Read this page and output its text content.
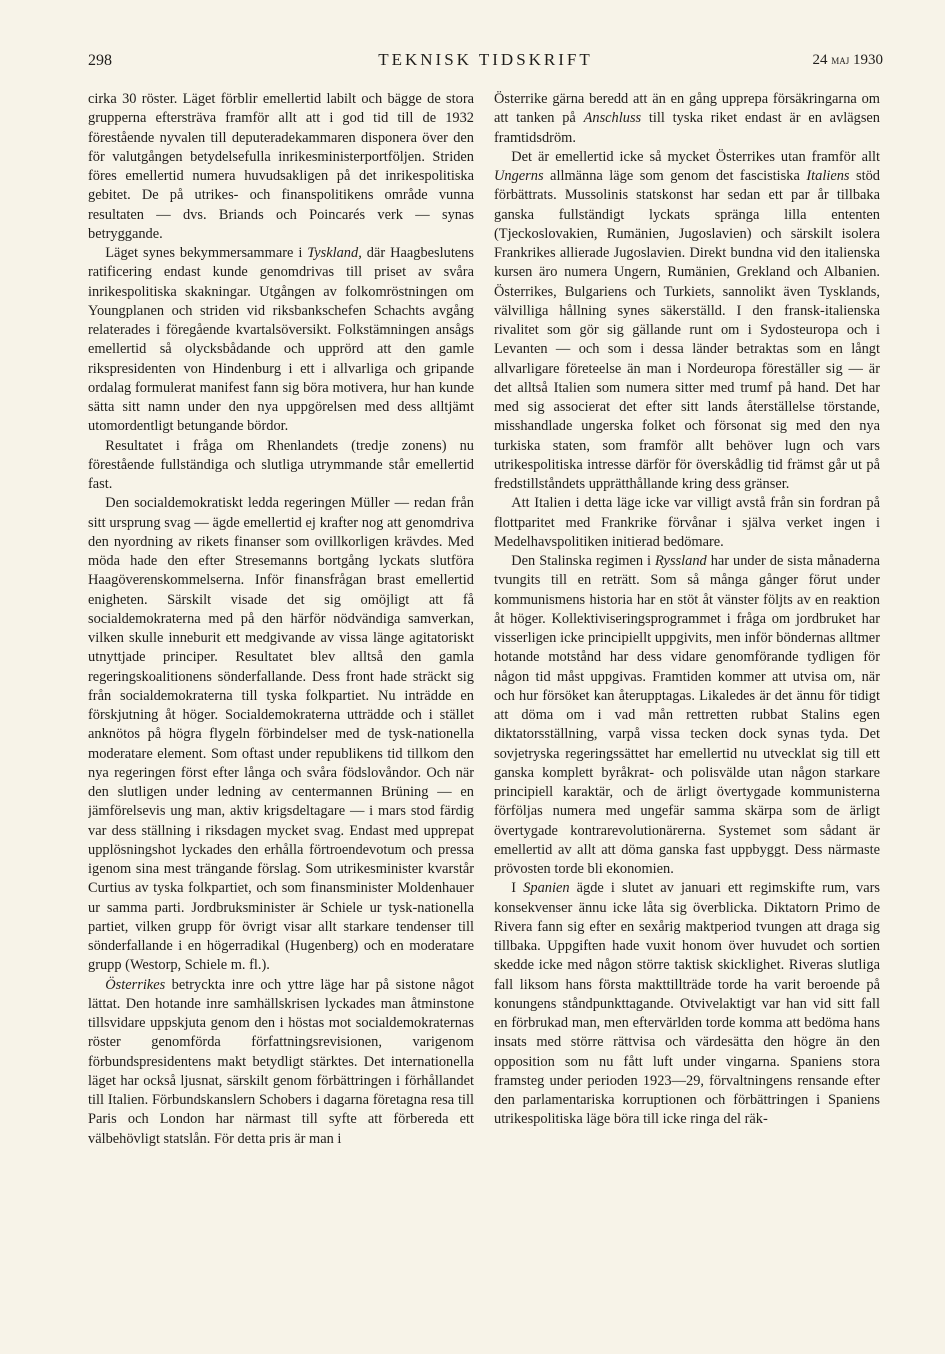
298	TEKNISK TIDSKRIFT	24 maj 1930

cirka 30 röster. Läget förblir emellertid labilt och bägge de stora grupperna eftersträva framför allt att i god tid till de 1932 förestående nyvalen till deputeradekammaren disponera över den för valutgången betydelsefulla inrikesministerportföljen. Striden föres emellertid numera huvudsakligen på det inrikespolitiska gebitet. De på utrikes- och finanspolitikens område vunna resultaten — dvs. Briands och Poincarés verk — synas betryggande.

Läget synes bekymmersammare i Tyskland, där Haagbeslutens ratificering endast kunde genomdrivas till priset av svåra inrikespolitiska skakningar. Utgången av folkomröstningen om Youngplanen och striden vid riksbankschefen Schachts avgång relaterades i föregående kvartalsöversikt. Folkstämningen ansågs emellertid så olycksbådande och upprörd att den gamle rikspresidenten von Hindenburg i ett i allvarliga och gripande ordalag formulerat manifest fann sig böra motivera, hur han kunde sätta sitt namn under den nya uppgörelsen med dess alltjämt utomordentligt betungande bördor.

Resultatet i fråga om Rhenlandets (tredje zonens) nu förestående fullständiga och slutliga utrymmande står emellertid fast.

Den socialdemokratiskt ledda regeringen Müller — redan från sitt ursprung svag — ägde emellertid ej krafter nog att genomdriva den nyordning av rikets finanser som ovillkorligen krävdes. Med möda hade den efter Stresemanns bortgång lyckats slutföra Haagöverenskommelserna. Inför finansfrågan brast emellertid enigheten. Särskilt visade det sig omöjligt att få socialdemokraterna med på den härför nödvändiga samverkan, vilken skulle inneburit ett medgivande av vissa länge agitatoriskt utnyttjade principer. Resultatet blev alltså den gamla regeringskoalitionens sönderfallande. Dess front hade sträckt sig från socialdemokraterna till tyska folkpartiet. Nu inträdde en förskjutning åt höger. Socialdemokraterna utträdde och i stället anknötos på högra flygeln förbindelser med de tysk-nationella moderatare element. Som oftast under republikens tid tillkom den nya regeringen först efter långa och svåra födslovåndor. Och när den slutligen under ledning av centermannen Brüning — en jämförelsevis ung man, aktiv krigsdeltagare — i mars stod färdig var dess ställning i riksdagen mycket svag. Endast med upprepat upplösningshot lyckades den erhålla förtroendevotum och pressa igenom sina mest trängande förslag. Som utrikesminister kvarstår Curtius av tyska folkpartiet, och som finansminister Moldenhauer ur samma parti. Jordbruksminister är Schiele ur tysk-nationella partiet, vilken grupp för övrigt visar allt starkare tendenser till sönderfallande i en högerradikal (Hugenberg) och en moderatare grupp (Westorp, Schiele m. fl.).

Österrikes betryckta inre och yttre läge har på sistone något lättat. Den hotande inre samhällskrisen lyckades man åtminstone tillsvidare uppskjuta genom den i höstas mot socialdemokraternas röster genomförda författningsrevisionen, varigenom förbundspresidentens makt betydligt stärktes. Det internationella läget har också ljusnat, särskilt genom förbättringen i förhållandet till Italien. Förbundskanslern Schobers i dagarna företagna resa till Paris och London har närmast till syfte att förbereda ett välbehövligt statslån. För detta pris är man i

Österrike gärna beredd att än en gång upprepa försäkringarna om att tanken på Anschluss till tyska riket endast är en avlägsen framtidsdröm.

Det är emellertid icke så mycket Österrikes utan framför allt Ungerns allmänna läge som genom det fascistiska Italiens stöd förbättrats. Mussolinis statskonst har sedan ett par år tillbaka ganska fullständigt lyckats spränga lilla ententen (Tjeckoslovakien, Rumänien, Jugoslavien) och särskilt isolera Frankrikes allierade Jugoslavien. Direkt bundna vid den italienska kursen äro numera Ungern, Rumänien, Grekland och Albanien. Österrikes, Bulgariens och Turkiets, sannolikt även Tysklands, välvilliga hållning synes säkerställd. I den fransk-italienska rivalitet som gör sig gällande runt om i Sydosteuropa och i Levanten — och som i dessa länder betraktas som en långt allvarligare företeelse än man i Nordeuropa föreställer sig — är det alltså Italien som numera sitter med trumf på hand. Det har med sig associerat det efter sitt lands återställelse törstande, misshandlade ungerska folket och försonat sig med den nya turkiska staten, som framför allt behöver lugn och vars utrikespolitiska intresse därför för överskådlig tid främst går ut på fredstillståndets upprätthållande kring dess gränser.

Att Italien i detta läge icke var villigt avstå från sin fordran på flottparitet med Frankrike förvånar i själva verket ingen i Medelhavspolitiken initierad bedömare.

Den Stalinska regimen i Ryssland har under de sista månaderna tvungits till en reträtt. Som så många gånger förut under kommunismens historia har en stöt åt vänster följts av en reaktion åt höger. Kollektiviseringsprogrammet i fråga om jordbruket har visserligen icke principiellt uppgivits, men inför böndernas alltmer hotande motstånd har dess vidare genomförande tydligen för någon tid måst uppgivas. Framtiden kommer att utvisa om, när och hur försöket kan återupptagas. Likaledes är det ännu för tidigt att döma om i vad mån rettretten rubbat Stalins egen diktatorsställning, varpå vissa tecken dock synas tyda. Det sovjetryska regeringssättet har emellertid nu utvecklat sig till ett ganska komplett byråkrat- och polisvälde utan någon starkare principiell karaktär, och de ärligt övertygade kommunisterna förföljas numera med ungefär samma skärpa som de ärligt övertygade kontrarevolutionärerna. Systemet som sådant är emellertid av allt att döma ganska fast uppbyggt. Dess närmaste prövosten torde bli ekonomien.

I Spanien ägde i slutet av januari ett regimskifte rum, vars konsekvenser ännu icke låta sig överblicka. Diktatorn Primo de Rivera fann sig efter en sexårig maktperiod tvungen att draga sig tillbaka. Uppgiften hade vuxit honom över huvudet och sortien skedde icke med någon större taktisk skicklighet. Riveras slutliga fall liksom hans första makttillträde torde ha varit beroende på konungens ståndpunkttagande. Otvivelaktigt var han vid sitt fall en förbrukad man, men eftervärlden torde komma att bedöma hans insats med större rättvisa och värdesätta den högre än den opposition som nu fått luft under vingarna. Spaniens stora framsteg under perioden 1923—29, förvaltningens rensande efter den parlamentariska korruptionen och förbättringen i Spaniens utrikespolitiska läge böra till icke ringa del räk-
